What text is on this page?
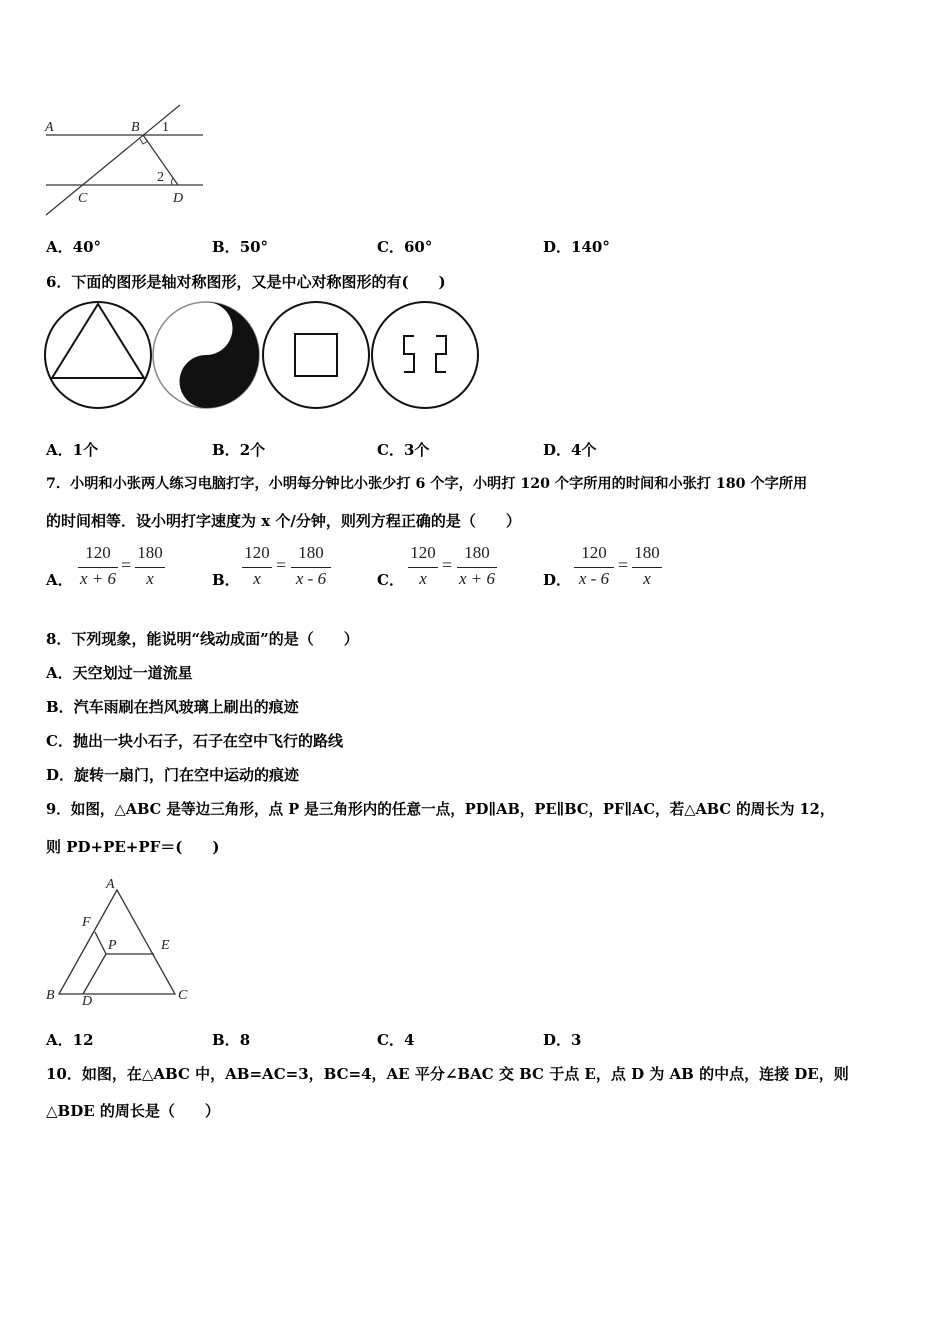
A	B 1
2
C	D
A．40°	B．50°	C．60°	D．140°
6．下面的图形是轴对称图形，又是中心对称图形的有(　　)
A．1个	B．2个	C．3个	D．4个
7．小明和小张两人练习电脑打字，小明每分钟比小张少打 6 个字，小明打 120 个字所用的时间和小张打 180 个字所用
的时间相等．设小明打字速度为 x 个/分钟，则列方程正确的是（　　）
A．
120
x + 6
=
180
x	B．
120
x
=
180
x - 6	C．
120
x
=
180
x + 6	D．
120
x - 6
=
180
x
8．下列现象，能说明“线动成面”的是（　　）
A．天空划过一道流星
B．汽车雨刷在挡风玻璃上刷出的痕迹
C．抛出一块小石子，石子在空中飞行的路线
D．旋转一扇门，门在空中运动的痕迹
9．如图，△ABC 是等边三角形，点 P 是三角形内的任意一点，PD∥AB，PE∥BC，PF∥AC，若△ABC 的周长为 12，
则 PD+PE+PF＝(　　)
A
F
P	E
B D	C
A．12	B．8	C．4	D．3
10．如图，在△ABC 中，AB=AC=3，BC=4，AE 平分∠BAC 交 BC 于点 E，点 D 为 AB 的中点，连接 DE，则
△BDE 的周长是（　　）
